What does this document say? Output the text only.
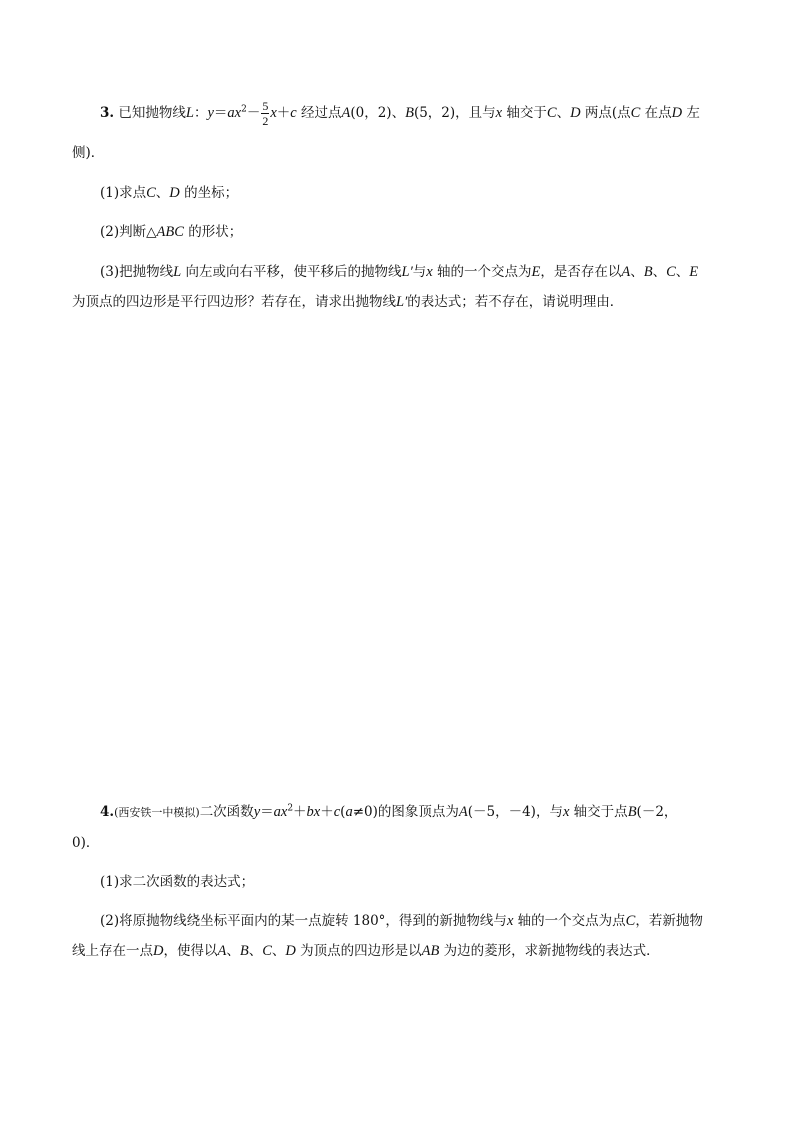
3. 已知抛物线L：$y=ax^2- \frac{5}{2} x+c$ 经过点A(0，2)、B(5，2)，且与x 轴交于C、D 两点(点C 在点D 左
侧)．
(1)求点C、D 的坐标；
(2)判断△ABC 的形状；
(3)把抛物线L 向左或向右平移，使平移后的抛物线L′与x 轴的一个交点为E，是否存在以A、B、C、E
为顶点的四边形是平行四边形？若存在，请求出抛物线L′的表达式；若不存在，请说明理由．
4.(西安铁一中模拟)二次函数$y=ax^2+bx+c(a\ne 0)$的图象顶点为A(－5，－4)，与x 轴交于点B(－2，
0)．
(1)求二次函数的表达式；
(2)将原抛物线绕坐标平面内的某一点旋转 180°，得到的新抛物线与x 轴的一个交点为点C，若新抛物
线上存在一点D，使得以A、B、C、D 为顶点的四边形是以AB 为边的菱形，求新抛物线的表达式．
